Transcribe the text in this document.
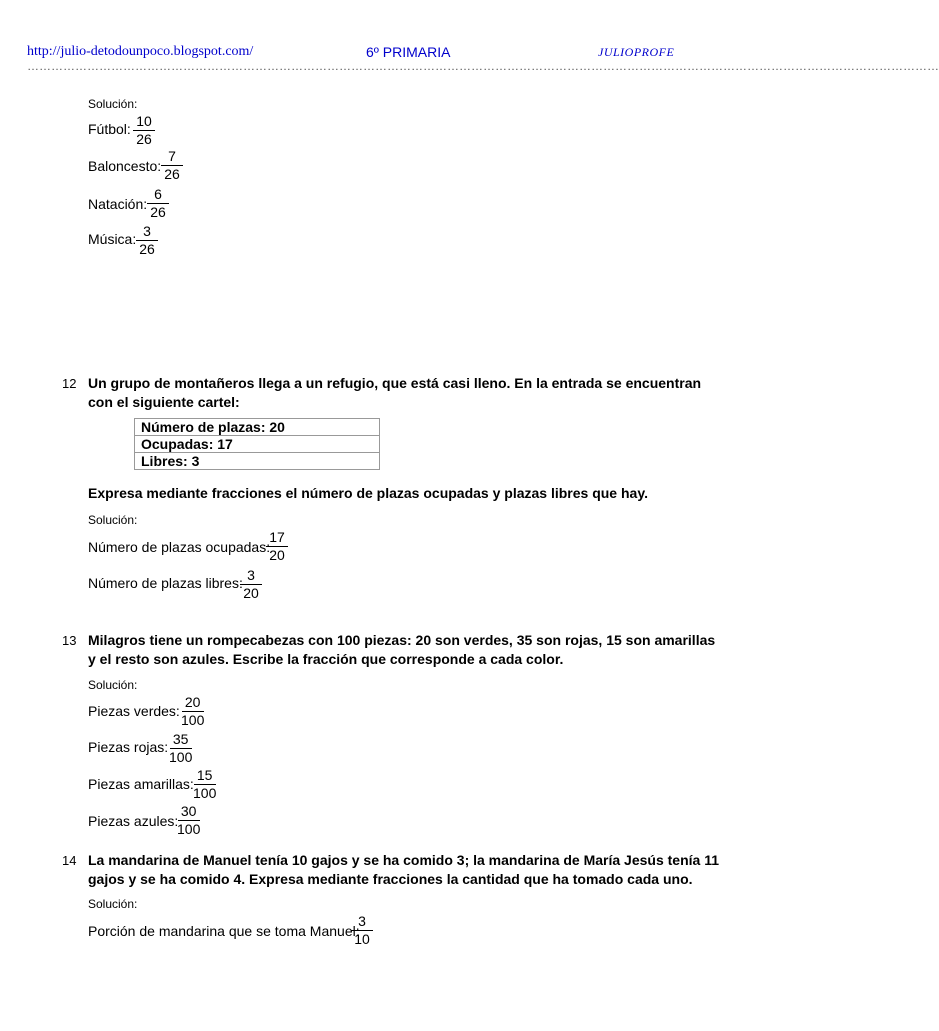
http://julio-detodounpoco.blogspot.com/	6º PRIMARIA	JULIOPROFE
…………………………………………………………………………………………………………………………………………………………………………………………………………
Solución:
Fútbol: $\frac{10}{26}$
Baloncesto: $\frac{7}{26}$
Natación: $\frac{6}{26}$
Música: $\frac{3}{26}$
12 Un grupo de montañeros llega a un refugio, que está casi lleno. En la entrada se encuentran con el siguiente cartel:
Número de plazas: 20
Ocupadas: 17
Libres: 3
Expresa mediante fracciones el número de plazas ocupadas y plazas libres que hay.
Solución:
Número de plazas ocupadas:
$\frac{17}{20}$
Número de plazas libres:
$\frac{3}{20}$
13 Milagros tiene un rompecabezas con 100 piezas: 20 son verdes, 35 son rojas, 15 son amarillas y el resto son azules. Escribe la fracción que corresponde a cada color.
Solución:
Piezas verdes: $\frac{20}{100}$
Piezas rojas:
$\frac{35}{100}$
Piezas amarillas:
$\frac{15}{100}$
Piezas azules:
$\frac{30}{100}$
14 La mandarina de Manuel tenía 10 gajos y se ha comido 3; la mandarina de María Jesús tenía 11 gajos y se ha comido 4. Expresa mediante fracciones la cantidad que ha tomado cada uno.
Solución:
Porción de mandarina que se toma Manuel:
$\frac{3}{10}$
